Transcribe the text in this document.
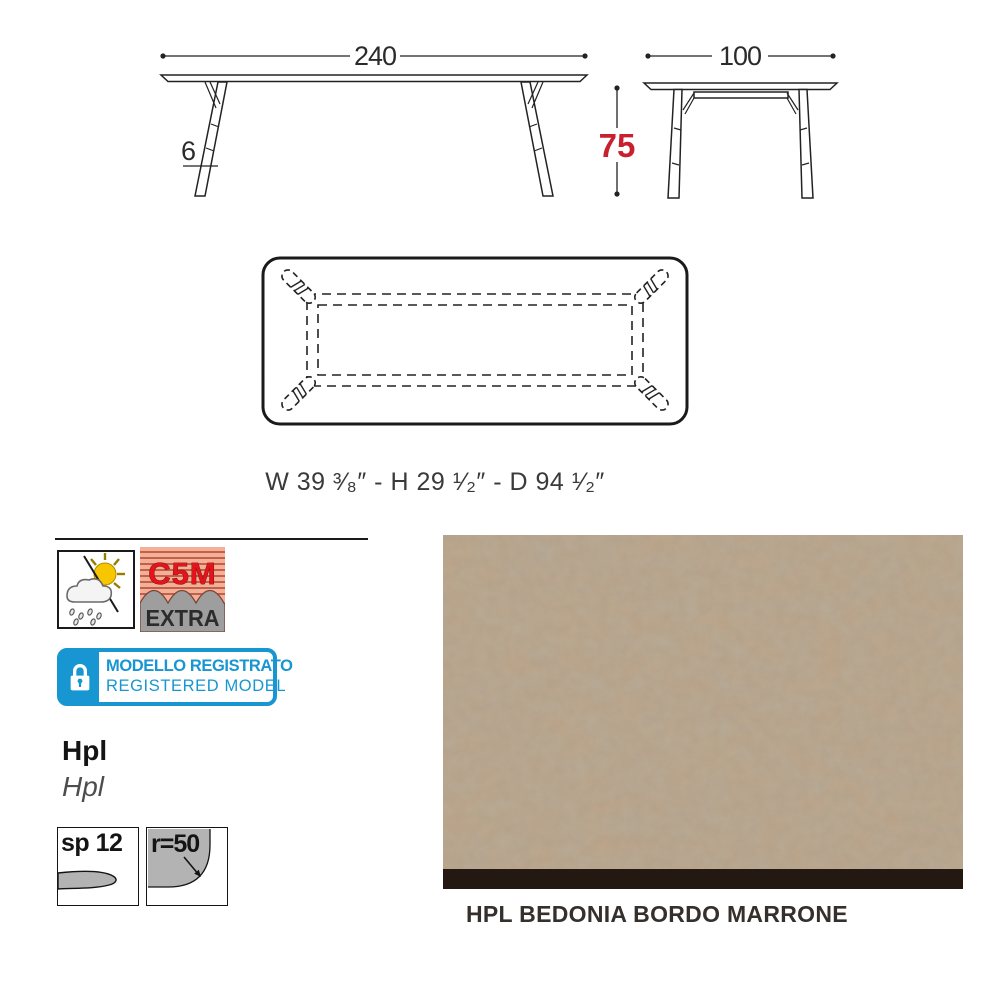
240
6	75
100
W 39 ³⁄₈″ - H 29 ¹⁄₂″ - D 94 ¹⁄₂″
C5M
EXTRA
MODELLO REGISTRATO
REGISTERED MODEL
Hpl
Hpl
sp 12 r=50
HPL BEDONIA BORDO MARRONE
